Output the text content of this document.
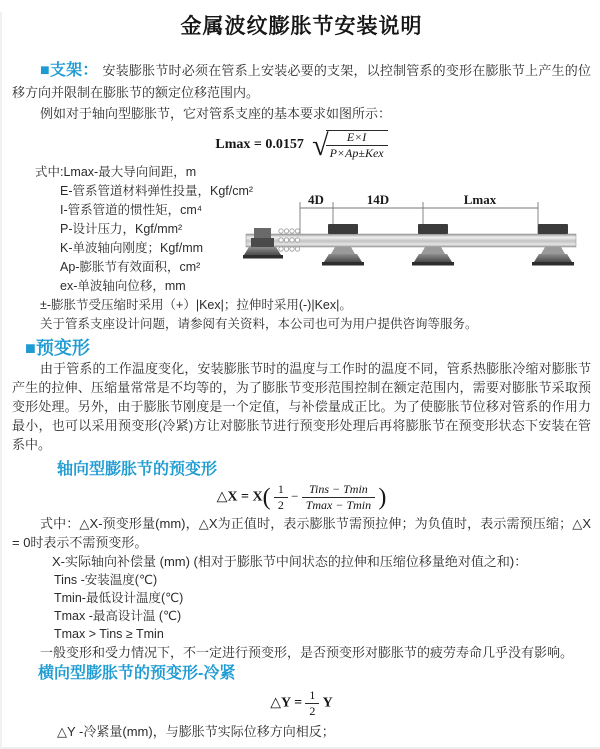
金属波纹膨胀节安装说明

■支架： 安装膨胀节时必须在管系上安装必要的支架，以控制管系的变形在膨胀节上产生的位移方向并限制在膨胀节的额定位移范围内。

例如对于轴向型膨胀节，它对管系支座的基本要求如图所示：

Lmax = 0.0157 √
$\frac{E\times I}{\text{P×Ap±Kex}}$
式中:Lmax-最大导向间距，m
E-管系管道材料弹性投量，Kgf/cm²
I-管系管道的惯性矩，cm⁴
P-设计压力，Kgf/mm²
K-单波轴向刚度；Kgf/mm
Ap-膨胀节有效面积，cm²
ex-单波轴向位移，mm
±-膨胀节受压缩时采用（+）|Kex|；拉伸时采用(-)|Kex|。
关于管系支座设计问题，请参阅有关资料，本公司也可为用户提供咨询等服务。
4D	14D	Lmax
■预变形

由于管系的工作温度变化，安装膨胀节时的温度与工作时的温度不同，管系热膨胀冷缩对膨胀节产生的拉伸、压缩量常常是不均等的，为了膨胀节变形范围控制在额定范围内，需要对膨胀节采取预变形处理。另外，由于膨胀节刚度是一个定值，与补偿量成正比。为了使膨胀节位移对管系的作用力最小，也可以采用预变形(冷紧)方让对膨胀节进行预变形处理后再将膨胀节在预变形状态下安装在管系中。

轴向型膨胀节的预变形
△X = $X( \frac{1}{2} - \frac{\text{Tins − Tmin}}{Tmax - Tmin}$ )

式中：△X-预变形量(mm)，△X为正值时，表示膨胀节需预拉伸；为负值时，表示需预压缩；△X = 0时表示不需预变形。

X-实际轴向补偿量 (mm) (相对于膨胀节中间状态的拉伸和压缩位移量绝对值之和)：
Tins -安装温度(℃)
Tmin-最低设计温度(℃)
Tmax -最高设计温 (℃)
Tmax > Tins ≥ Tmin

一般变形和受力情况下，不一定进行预变形，是否预变形对膨胀节的疲劳寿命几乎没有影响。

横向型膨胀节的预变形-冷紧
△Y = $\frac{1}{2}$ Y
△Y -冷紧量(mm)，与膨胀节实际位移方向相反；
